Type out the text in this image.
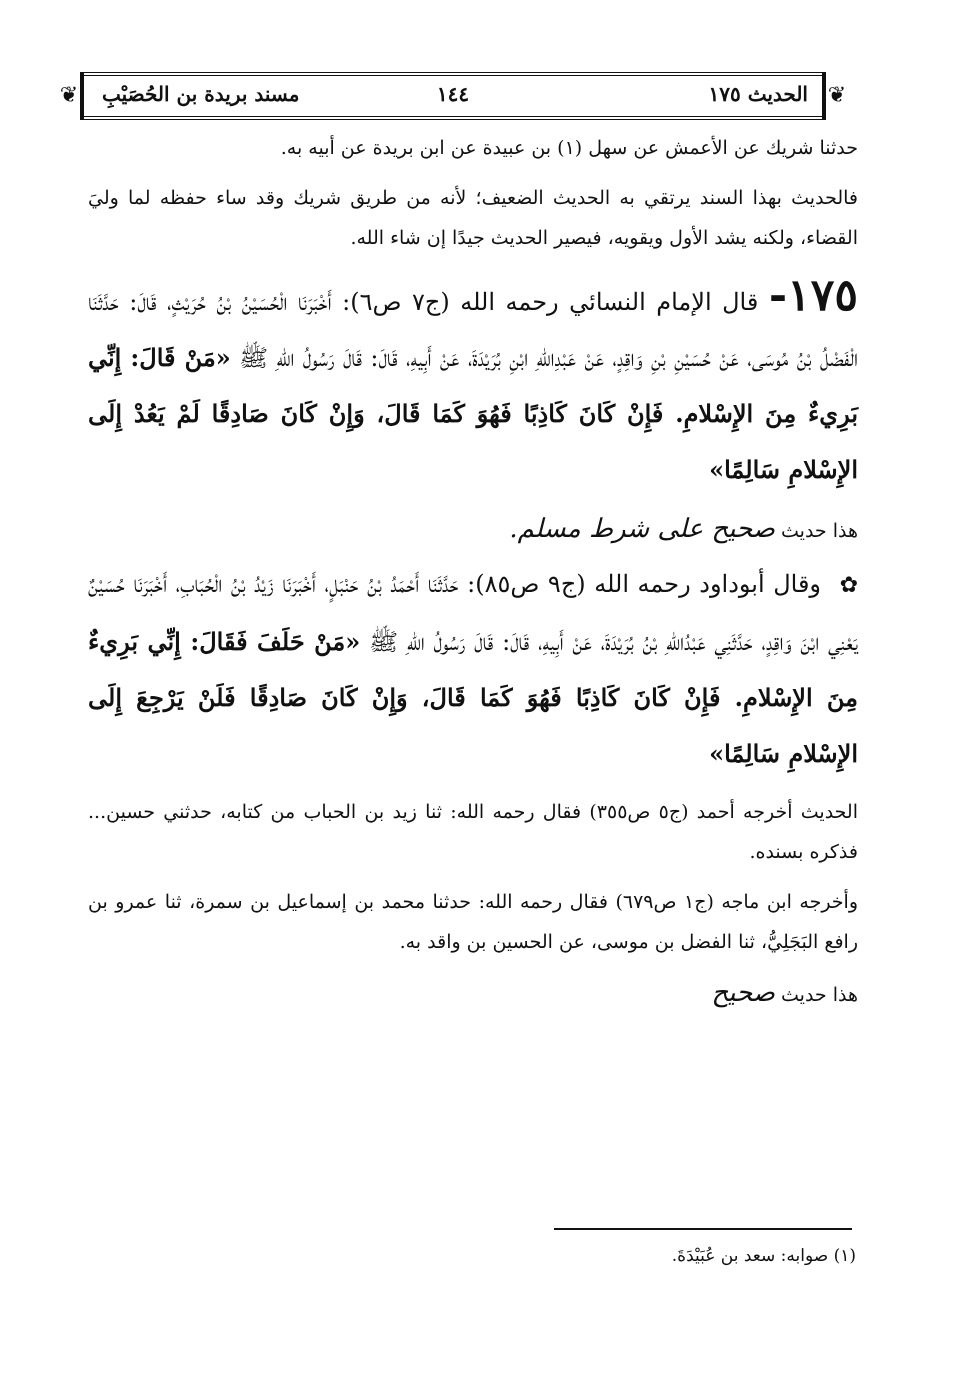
❦
الحديث ١٧٥
١٤٤
مسند بريدة بن الحُصَيْبِ
❦

حدثنا شريك عن الأعمش عن سهل (١) بن عبيدة عن ابن بريدة عن أبيه به.

فالحديث بهذا السند يرتقي به الحديث الضعيف؛ لأنه من طريق شريك وقد ساء حفظه لما وليَ القضاء، ولكنه يشد الأول ويقويه، فيصير الحديث جيدًا إن شاء الله.

١٧٥- قال الإمام النسائي رحمه الله (ج٧ ص٦): أَخْبَرَنَا الْحُسَيْنُ بْنُ حُرَيْثٍ، قَالَ: حَدَّثَنَا الْفَضْلُ بْنُ مُوسَى، عَنْ حُسَيْنِ بْنِ وَاقِدٍ، عَنْ عَبْدِاللهِ ابْنِ بُرَيْدَةَ، عَنْ أَبِيهِ، قَالَ: قَالَ رَسُولُ اللهِ ﷺ «مَنْ قَالَ: إِنِّي بَرِيءٌ مِنَ الإِسْلامِ. فَإِنْ كَانَ كَاذِبًا فَهُوَ كَمَا قَالَ، وَإِنْ كَانَ صَادِقًا لَمْ يَعُدْ إِلَى الإِسْلامِ سَالِمًا»

هذا حديث صحيح على شرط مسلم.

✿ وقال أبوداود رحمه الله (ج٩ ص٨٥): حَدَّثَنَا أَحْمَدُ بْنُ حَنْبَلٍ، أَخْبَرَنَا زَيْدُ بْنُ الْحُبَابِ، أَخْبَرَنَا حُسَيْنٌ يَعْنِي ابْنَ وَاقِدٍ، حَدَّثَنِي عَبْدُاللهِ بْنُ بُرَيْدَةَ، عَنْ أَبِيهِ، قَالَ: قَالَ رَسُولُ اللهِ ﷺ «مَنْ حَلَفَ فَقَالَ: إِنِّي بَرِيءٌ مِنَ الإِسْلامِ. فَإِنْ كَانَ كَاذِبًا فَهُوَ كَمَا قَالَ، وَإِنْ كَانَ صَادِقًا فَلَنْ يَرْجِعَ إِلَى الإِسْلامِ سَالِمًا»

الحديث أخرجه أحمد (ج٥ ص٣٥٥) فقال رحمه الله: ثنا زيد بن الحباب من كتابه، حدثني حسين... فذكره بسنده.

وأخرجه ابن ماجه (ج١ ص٦٧٩) فقال رحمه الله: حدثنا محمد بن إسماعيل بن سمرة، ثنا عمرو بن رافع البَجَلِيُّ، ثنا الفضل بن موسى، عن الحسين بن واقد به.

هذا حديث صحيح

(١) صوابه: سعد بن عُبَيْدَةَ.
